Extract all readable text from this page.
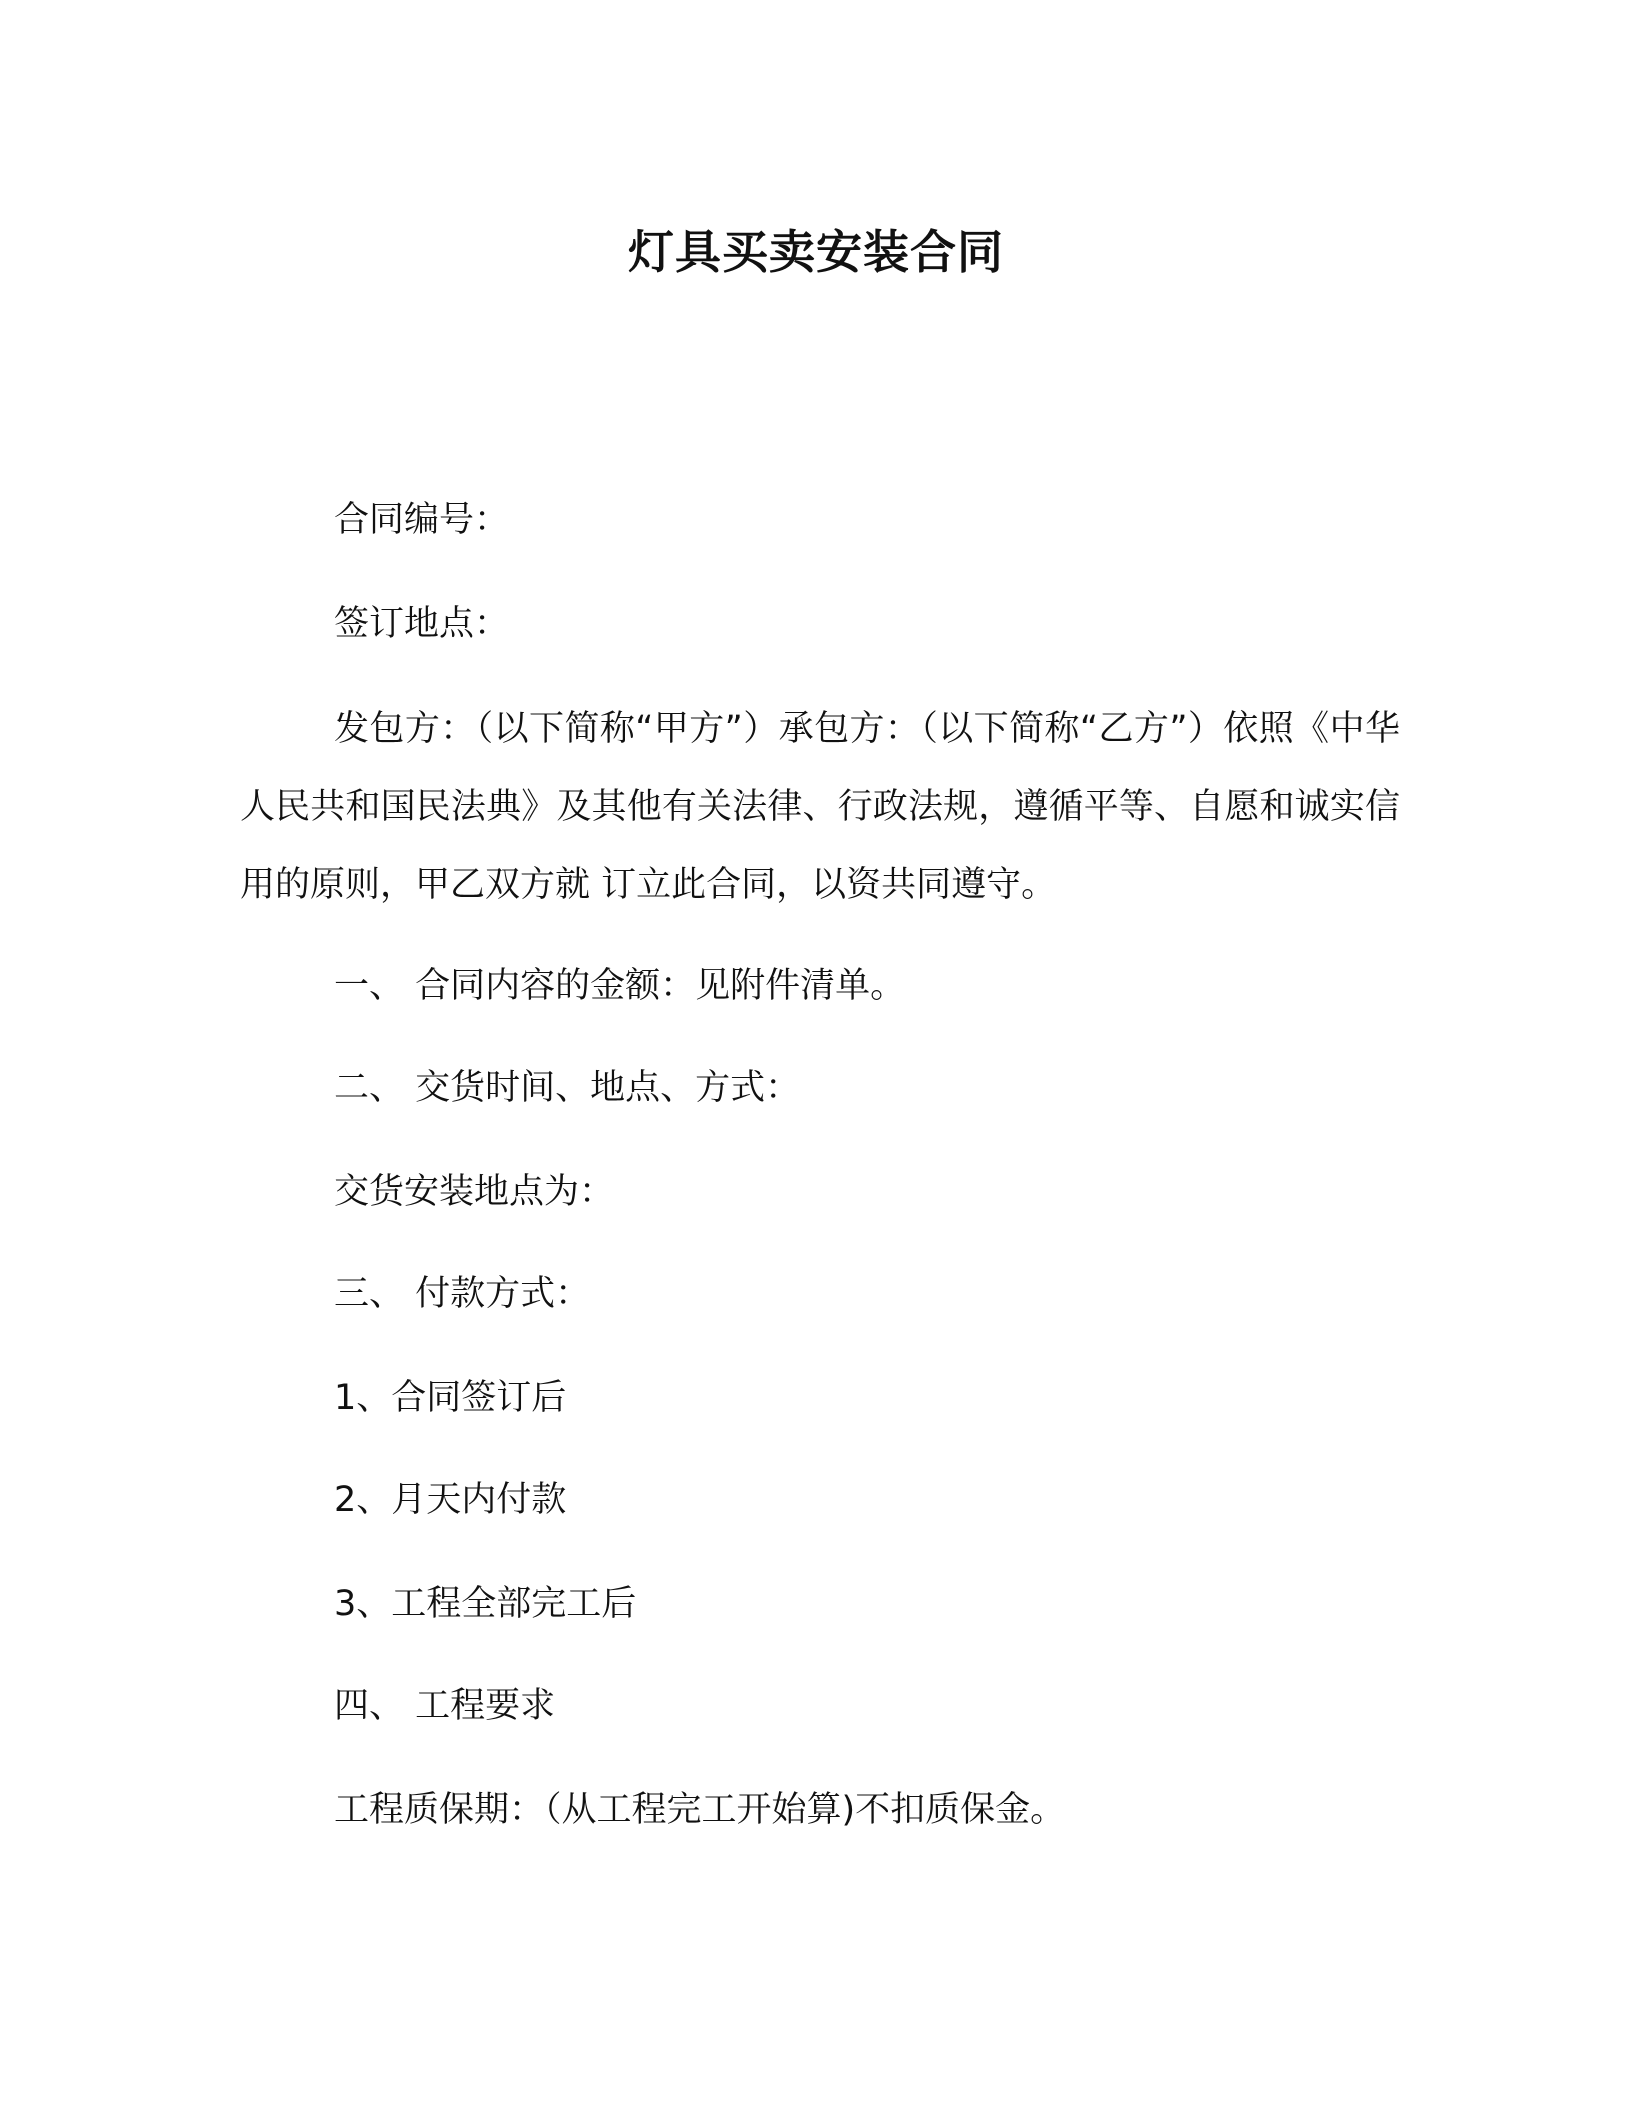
灯具买卖安装合同
合同编号：
签订地点：
发包方：（以下简称“甲方”）承包方：（以下简称“乙方”）依照《中华人民共和国民法典》及其他有关法律、行政法规，遵循平等、自愿和诚实信用的原则，甲乙双方就 订立此合同，以资共同遵守。
一、 合同内容的金额：见附件清单。
二、 交货时间、地点、方式：
交货安装地点为：
三、 付款方式：
1、合同签订后
2、月天内付款
3、工程全部完工后
四、 工程要求
工程质保期：（从工程完工开始算)不扣质保金。
